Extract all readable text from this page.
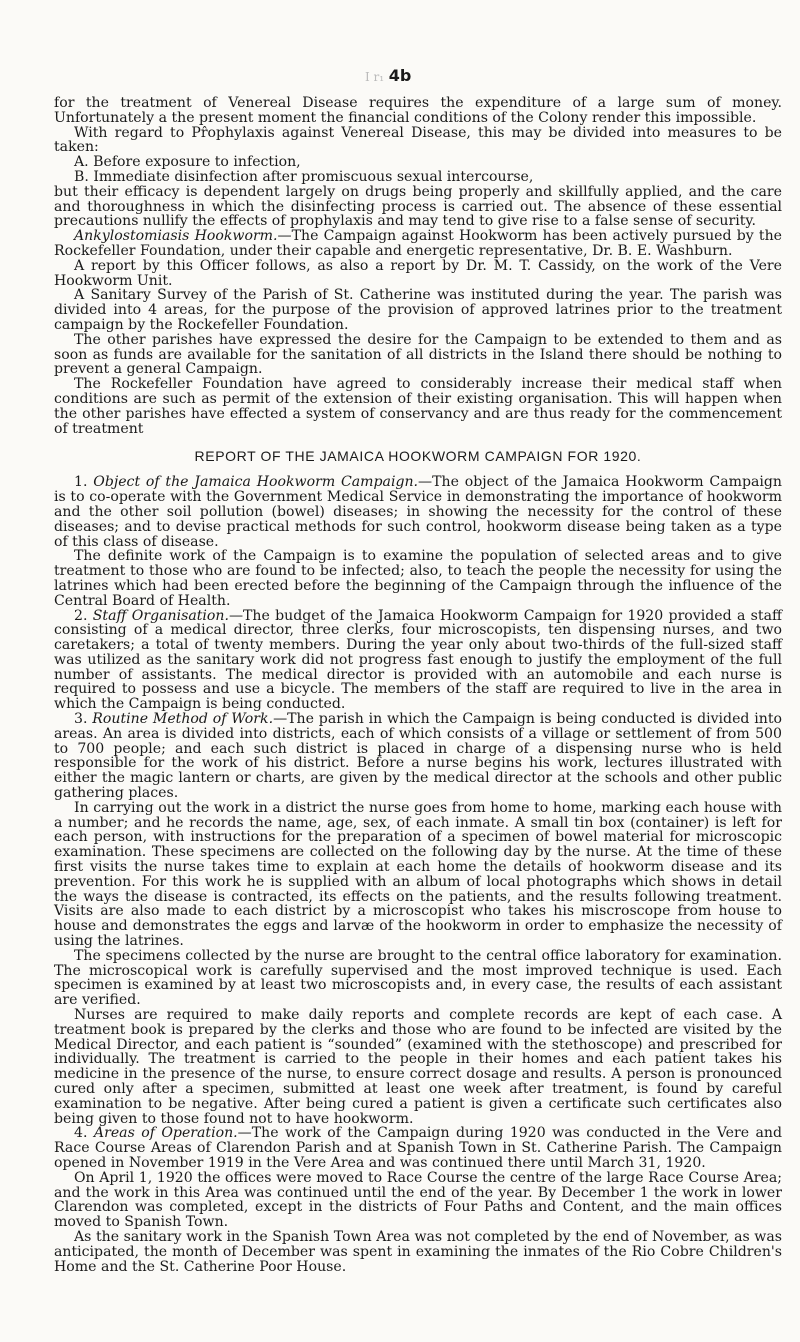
I r₁ 4b

for the treatment of Venereal Disease requires the expenditure of a large sum of money. Unfortunately a the present moment the financial conditions of the Colony render this impossible.

With regard to Pr̂ophylaxis against Venereal Disease, this may be divided into measures to be taken:

A. Before exposure to infection,

B. Immediate disinfection after promiscuous sexual intercourse,

but their efficacy is dependent largely on drugs being properly and skillfully applied, and the care and thoroughness in which the disinfecting process is carried out. The absence of these essential precautions nullify the effects of prophylaxis and may tend to give rise to a false sense of security.

Ankylostomiasis Hookworm.—The Campaign against Hookworm has been actively pursued by the Rockefeller Foundation, under their capable and energetic representative, Dr. B. E. Washburn.

A report by this Officer follows, as also a report by Dr. M. T. Cassidy, on the work of the Vere Hookworm Unit.

A Sanitary Survey of the Parish of St. Catherine was instituted during the year. The parish was divided into 4 areas, for the purpose of the provision of approved latrines prior to the treatment campaign by the Rockefeller Foundation.

The other parishes have expressed the desire for the Campaign to be extended to them and as soon as funds are available for the sanitation of all districts in the Island there should be nothing to prevent a general Campaign.

The Rockefeller Foundation have agreed to considerably increase their medical staff when conditions are such as permit of the extension of their existing organisation. This will happen when the other parishes have effected a system of conservancy and are thus ready for the commencement of treatment

REPORT OF THE JAMAICA HOOKWORM CAMPAIGN FOR 1920.

1. Object of the Jamaica Hookworm Campaign.—The object of the Jamaica Hookworm Campaign is to co-operate with the Government Medical Service in demonstrating the importance of hookworm and the other soil pollution (bowel) diseases; in showing the necessity for the control of these diseases; and to devise practical methods for such control, hookworm disease being taken as a type of this class of disease.

The definite work of the Campaign is to examine the population of selected areas and to give treatment to those who are found to be infected; also, to teach the people the necessity for using the latrines which had been erected before the beginning of the Campaign through the influence of the Central Board of Health.

2. Staff Organisation.—The budget of the Jamaica Hookworm Campaign for 1920 provided a staff consisting of a medical director, three clerks, four microscopists, ten dispensing nurses, and two caretakers; a total of twenty members. During the year only about two-thirds of the full-sized staff was utilized as the sanitary work did not progress fast enough to justify the employment of the full number of assistants. The medical director is provided with an automobile and each nurse is required to possess and use a bicycle. The members of the staff are required to live in the area in which the Campaign is being conducted.

3. Routine Method of Work.—The parish in which the Campaign is being conducted is divided into areas. An area is divided into districts, each of which consists of a village or settlement of from 500 to 700 people; and each such district is placed in charge of a dispensing nurse who is held responsible for the work of his district. Before a nurse begins his work, lectures illustrated with either the magic lantern or charts, are given by the medical director at the schools and other public gathering places.

In carrying out the work in a district the nurse goes from home to home, marking each house with a number; and he records the name, age, sex, of each inmate. A small tin box (container) is left for each person, with instructions for the preparation of a specimen of bowel material for microscopic examination. These specimens are collected on the following day by the nurse. At the time of these first visits the nurse takes time to explain at each home the details of hookworm disease and its prevention. For this work he is supplied with an album of local photographs which shows in detail the ways the disease is contracted, its effects on the patients, and the results following treatment. Visits are also made to each district by a microscopist who takes his miscroscope from house to house and demonstrates the eggs and larvæ of the hookworm in order to emphasize the necessity of using the latrines.

The specimens collected by the nurse are brought to the central office laboratory for examination. The microscopical work is carefully supervised and the most improved technique is used. Each specimen is examined by at least two microscopists and, in every case, the results of each assistant are verified.

Nurses are required to make daily reports and complete records are kept of each case. A treatment book is prepared by the clerks and those who are found to be infected are visited by the Medical Director, and each patient is “sounded” (examined with the stethoscope) and prescribed for individually. The treatment is carried to the people in their homes and each patient takes his medicine in the presence of the nurse, to ensure correct dosage and results. A person is pronounced cured only after a specimen, submitted at least one week after treatment, is found by careful examination to be negative. After being cured a patient is given a certificate such certificates also being given to those found not to have hookworm.

4. Areas of Operation.—The work of the Campaign during 1920 was conducted in the Vere and Race Course Areas of Clarendon Parish and at Spanish Town in St. Catherine Parish. The Campaign opened in November 1919 in the Vere Area and was continued there until March 31, 1920.

On April 1, 1920 the offices were moved to Race Course the centre of the large Race Course Area; and the work in this Area was continued until the end of the year. By December 1 the work in lower Clarendon was completed, except in the districts of Four Paths and Content, and the main offices moved to Spanish Town.

As the sanitary work in the Spanish Town Area was not completed by the end of November, as was anticipated, the month of December was spent in examining the inmates of the Rio Cobre Children's Home and the St. Catherine Poor House.
